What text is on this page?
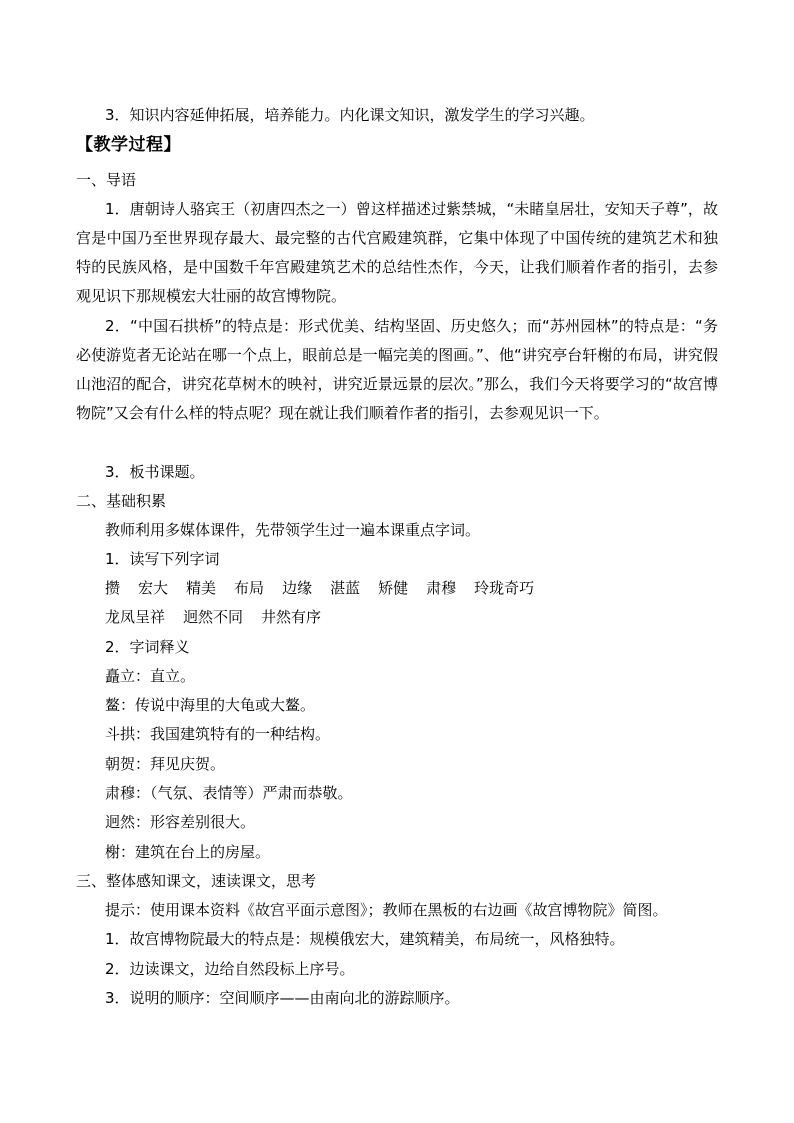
3．知识内容延伸拓展，培养能力。内化课文知识，激发学生的学习兴趣。
【教学过程】
一、导语
1．唐朝诗人骆宾王（初唐四杰之一）曾这样描述过紫禁城，“未睹皇居壮，安知天子尊”，故宫是中国乃至世界现存最大、最完整的古代宫殿建筑群，它集中体现了中国传统的建筑艺术和独特的民族风格，是中国数千年宫殿建筑艺术的总结性杰作，今天，让我们顺着作者的指引，去参观见识下那规模宏大壮丽的故宫博物院。
2．“中国石拱桥”的特点是：形式优美、结构坚固、历史悠久；而“苏州园林”的特点是：“务必使游览者无论站在哪一个点上，眼前总是一幅完美的图画。”、他“讲究亭台轩榭的布局，讲究假山池沼的配合，讲究花草树木的映衬，讲究近景远景的层次。”那么，我们今天将要学习的“故宫博物院”又会有什么样的特点呢？现在就让我们顺着作者的指引，去参观见识一下。
3．板书课题。
二、基础积累
教师利用多媒体课件，先带领学生过一遍本课重点字词。
1．读写下列字词
攒 宏大 精美 布局 边缘 湛蓝 矫健 肃穆 玲珑奇巧
龙凤呈祥 迥然不同 井然有序
2．字词释义
矗立：直立。
鳌：传说中海里的大龟或大鳌。
斗拱：我国建筑特有的一种结构。
朝贺：拜见庆贺。
肃穆：（气氛、表情等）严肃而恭敬。
迥然：形容差别很大。
榭：建筑在台上的房屋。
三、整体感知课文，速读课文，思考
提示：使用课本资料《故宫平面示意图》；教师在黑板的右边画《故宫博物院》简图。
1．故宫博物院最大的特点是：规模俄宏大，建筑精美，布局统一，风格独特。
2．边读课文，边给自然段标上序号。
3．说明的顺序：空间顺序——由南向北的游踪顺序。
